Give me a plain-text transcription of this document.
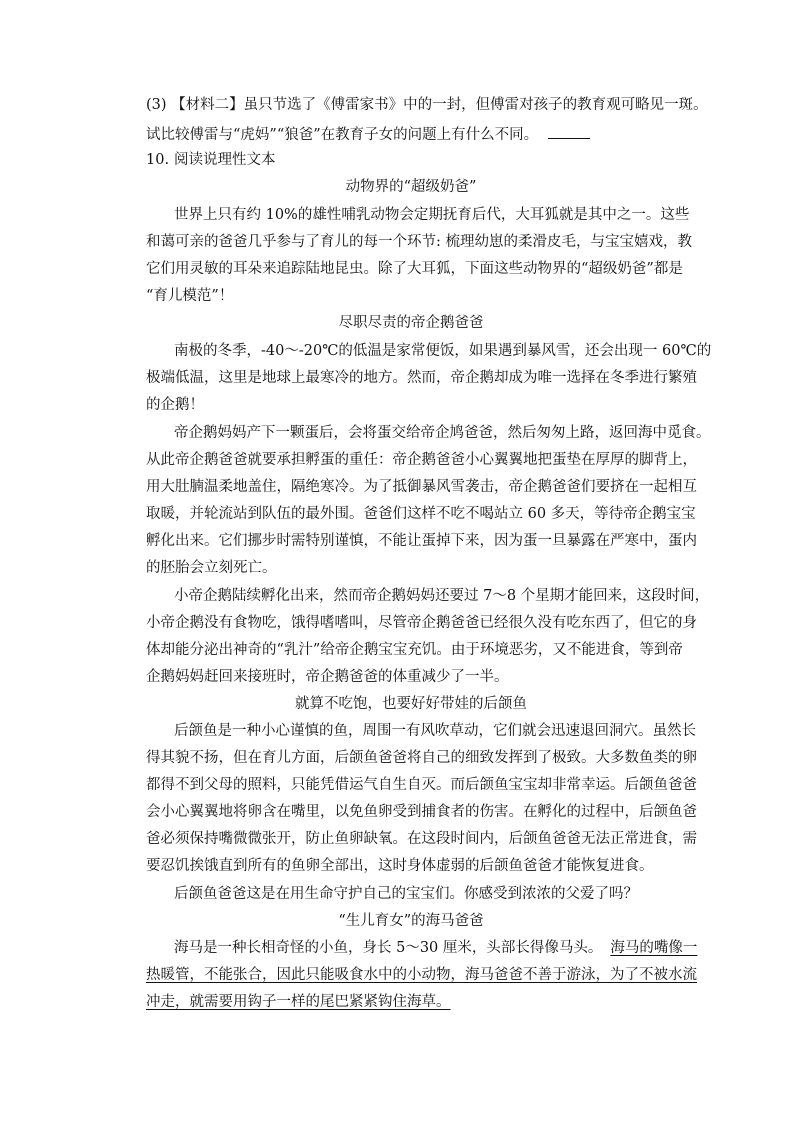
(3) 【材料二】虽只节选了《傅雷家书》中的一封，但傅雷对孩子的教育观可略见一斑。
试比较傅雷与“虎妈”“狼爸”在教育子女的问题上有什么不同。
10. 阅读说理性文本
动物界的“超级奶爸”
世界上只有约 10%的雄性哺乳动物会定期抚育后代，大耳狐就是其中之一。这些
和蔼可亲的爸爸几乎参与了育儿的每一个环节: 梳理幼崽的柔滑皮毛，与宝宝嬉戏，教
它们用灵敏的耳朵来追踪陆地昆虫。除了大耳狐，下面这些动物界的“超级奶爸”都是
“育儿模范”！
尽职尽责的帝企鹅爸爸
南极的冬季，-40～-20℃的低温是家常便饭，如果遇到暴风雪，还会出现一 60℃的
极端低温，这里是地球上最寒冷的地方。然而，帝企鹅却成为唯一选择在冬季进行繁殖
的企鹅！
帝企鹅妈妈产下一颗蛋后，会将蛋交给帝企鸠爸爸，然后匆匆上路，返回海中觅食。
从此帝企鹅爸爸就要承担孵蛋的重任：帝企鹅爸爸小心翼翼地把蛋垫在厚厚的脚背上，
用大肚腩温柔地盖住，隔绝寒冷。为了抵御暴风雪袭击，帝企鹅爸爸们要挤在一起相互
取暖，并轮流站到队伍的最外围。爸爸们这样不吃不喝站立 60 多天，等待帝企鹅宝宝
孵化出来。它们挪步时需特别谨慎，不能让蛋掉下来，因为蛋一旦暴露在严寒中，蛋内
的胚胎会立刻死亡。
小帝企鹅陆续孵化出来，然而帝企鹅妈妈还要过 7～8 个星期才能回来，这段时间，
小帝企鹅没有食物吃，饿得嗜嗜叫，尽管帝企鹅爸爸已经很久没有吃东西了，但它的身
体却能分泌出神奇的“乳汁”给帝企鹅宝宝充饥。由于环境恶劣，又不能进食，等到帝
企鹅妈妈赶回来接班时，帝企鹅爸爸的体重减少了一半。
就算不吃饱，也要好好带娃的后颌鱼
后颌鱼是一种小心谨慎的鱼，周围一有风吹草动，它们就会迅速退回洞穴。虽然长
得其貌不扬，但在育儿方面，后颌鱼爸爸将自己的细致发挥到了极致。大多数鱼类的卵
都得不到父母的照料，只能凭借运气自生自灭。而后颌鱼宝宝却非常幸运。后颌鱼爸爸
会小心翼翼地将卵含在嘴里，以免鱼卵受到捕食者的伤害。在孵化的过程中，后颌鱼爸
爸必须保持嘴微微张开，防止鱼卵缺氧。在这段时间内，后颌鱼爸爸无法正常进食，需
要忍饥挨饿直到所有的鱼卵全部出，这时身体虚弱的后颌鱼爸爸才能恢复进食。
后颌鱼爸爸这是在用生命守护自己的宝宝们。你感受到浓浓的父爱了吗？
“生儿育女”的海马爸爸
海马是一种长相奇怪的小鱼，身长 5～30 厘米，头部长得像马头。 海马的嘴像一
热暖管，不能张合，因此只能吸食水中的小动物，海马爸爸不善于游泳，为了不被水流
冲走，就需要用钩子一样的尾巴紧紧钩住海草。
